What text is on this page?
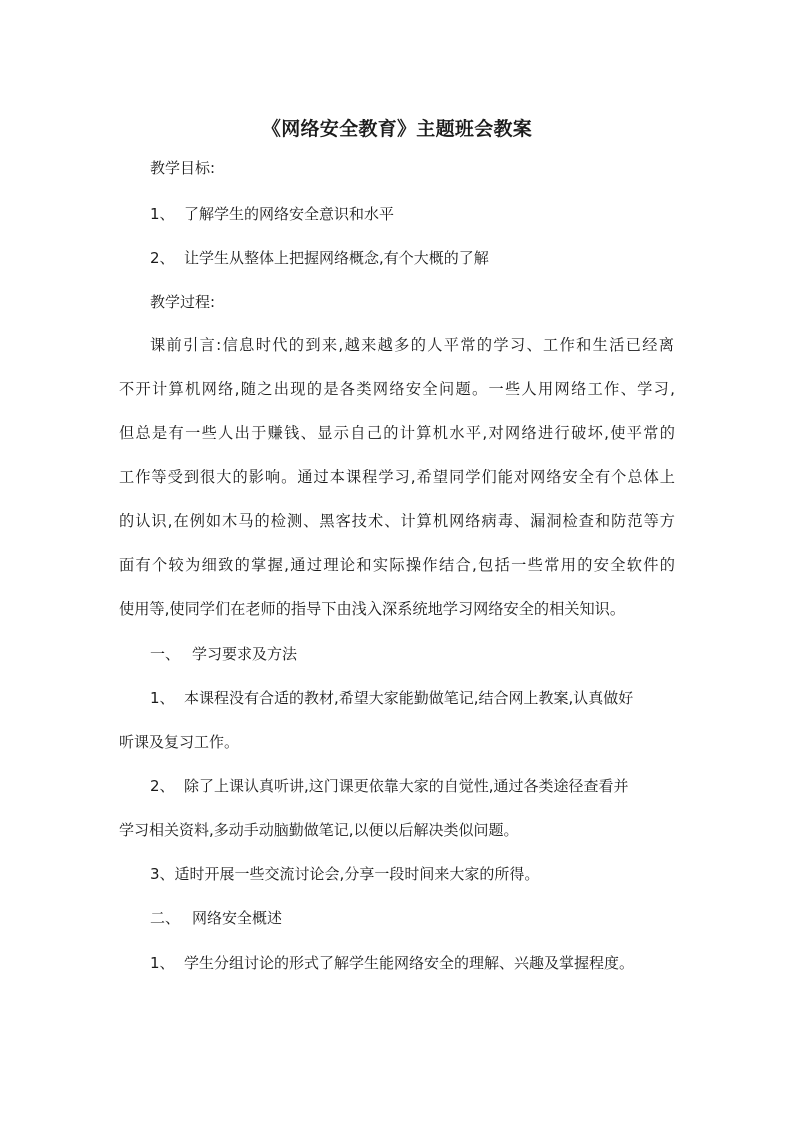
《网络安全教育》主题班会教案
教学目标:
1、 了解学生的网络安全意识和水平
2、 让学生从整体上把握网络概念,有个大概的了解
教学过程:
课前引言:信息时代的到来,越来越多的人平常的学习、工作和生活已经离
不开计算机网络,随之出现的是各类网络安全问题。一些人用网络工作、学习,
但总是有一些人出于赚钱、显示自己的计算机水平,对网络进行破坏,使平常的
工作等受到很大的影响。通过本课程学习,希望同学们能对网络安全有个总体上
的认识,在例如木马的检测、黑客技术、计算机网络病毒、漏洞检查和防范等方
面有个较为细致的掌握,通过理论和实际操作结合,包括一些常用的安全软件的
使用等,使同学们在老师的指导下由浅入深系统地学习网络安全的相关知识。
一、 学习要求及方法
1、 本课程没有合适的教材,希望大家能勤做笔记,结合网上教案,认真做好
听课及复习工作。
2、 除了上课认真听讲,这门课更依靠大家的自觉性,通过各类途径查看并
学习相关资料,多动手动脑勤做笔记,以便以后解决类似问题。
3、适时开展一些交流讨论会,分享一段时间来大家的所得。
二、 网络安全概述
1、 学生分组讨论的形式了解学生能网络安全的理解、兴趣及掌握程度。
